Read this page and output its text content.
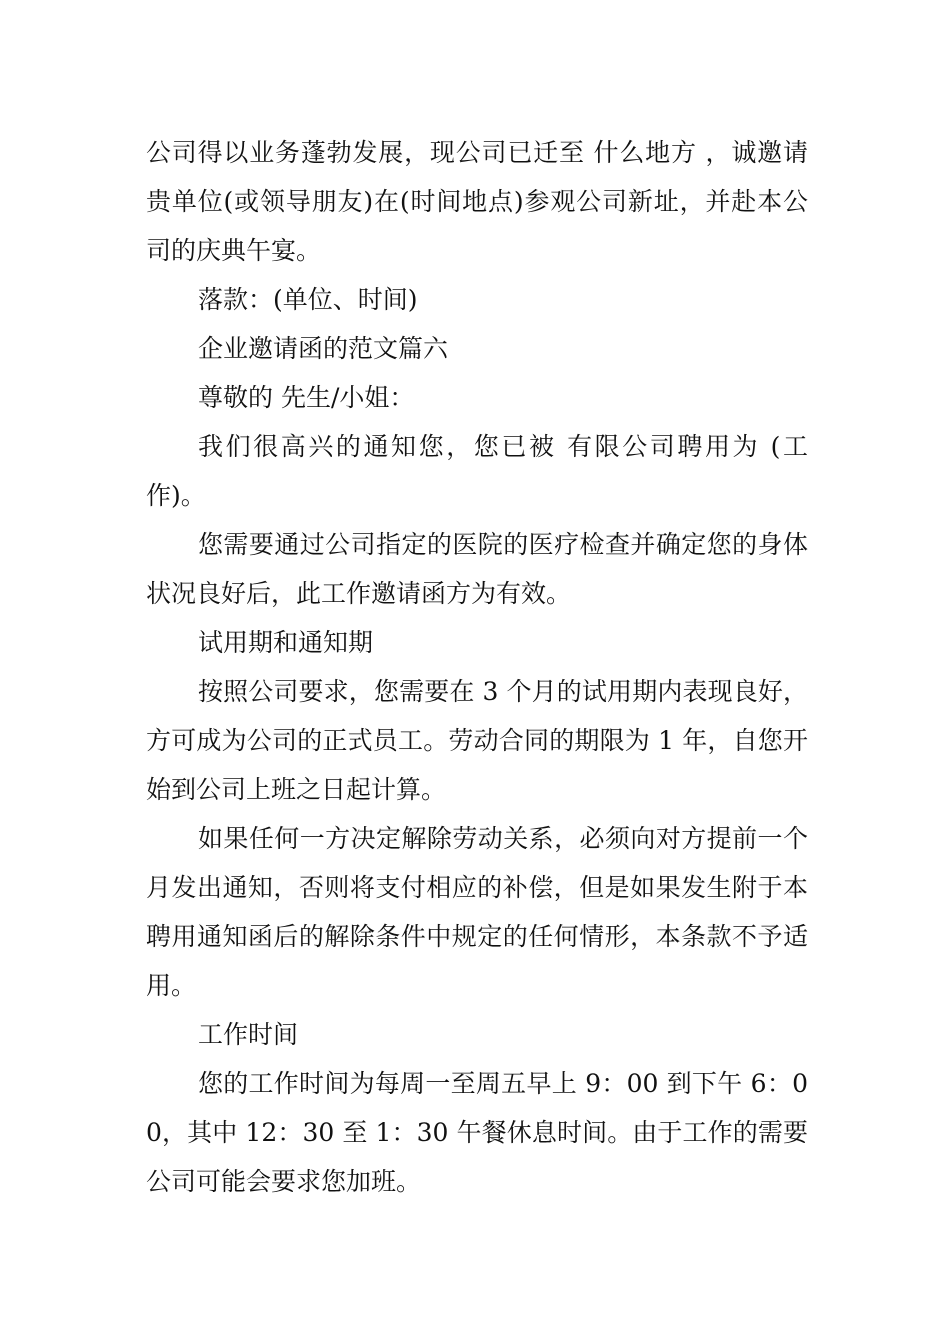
公司得以业务蓬勃发展，现公司已迁至 什么地方 ，诚邀请贵单位(或领导朋友)在(时间地点)参观公司新址，并赴本公司的庆典午宴。

落款：(单位、时间)

企业邀请函的范文篇六

尊敬的 先生/小姐：

我们很高兴的通知您，您已被 有限公司聘用为 (工作)。

您需要通过公司指定的医院的医疗检查并确定您的身体状况良好后，此工作邀请函方为有效。

试用期和通知期

按照公司要求，您需要在 3 个月的试用期内表现良好，方可成为公司的正式员工。劳动合同的期限为 1 年，自您开始到公司上班之日起计算。

如果任何一方决定解除劳动关系，必须向对方提前一个月发出通知，否则将支付相应的补偿，但是如果发生附于本聘用通知函后的解除条件中规定的任何情形，本条款不予适用。

工作时间

您的工作时间为每周一至周五早上 9：00 到下午 6：00，其中 12：30 至 1：30 午餐休息时间。由于工作的需要公司可能会要求您加班。
